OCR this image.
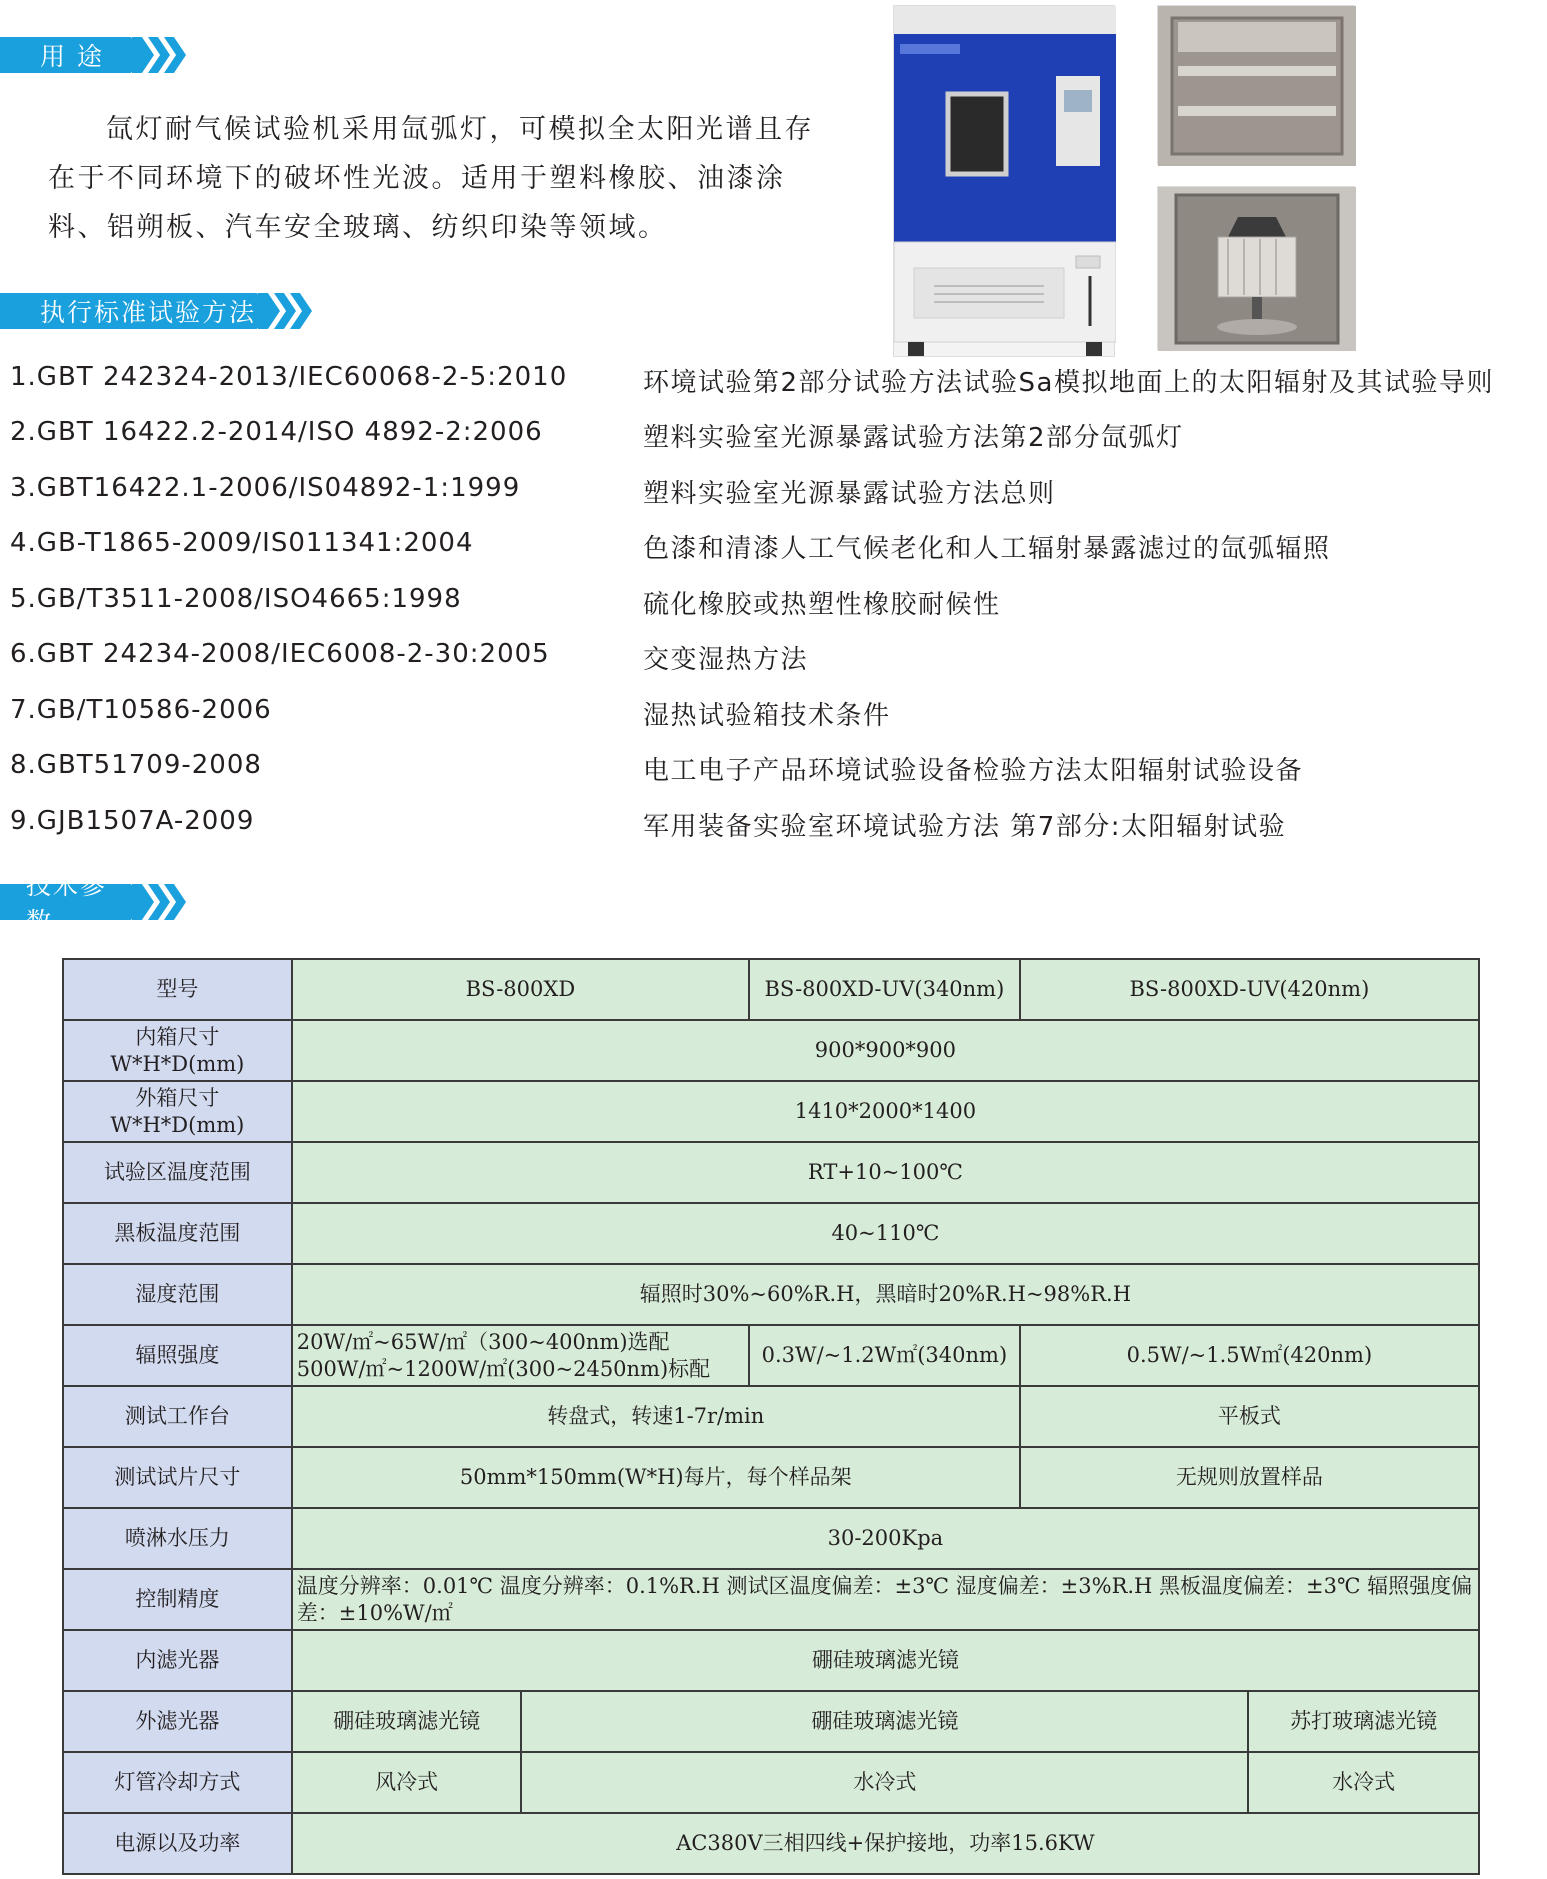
用 途

氙灯耐气候试验机采用氙弧灯，可模拟全太阳光谱且存在于不同环境下的破坏性光波。适用于塑料橡胶、油漆涂料、铝朔板、汽车安全玻璃、纺织印染等领域。

执行标准试验方法
1.GBT 242324-2013/IEC60068-2-5:2010	环境试验第2部分试验方法试验Sa模拟地面上的太阳辐射及其试验导则
2.GBT 16422.2-2014/ISO 4892-2:2006	塑料实验室光源暴露试验方法第2部分氙弧灯
3.GBT16422.1-2006/IS04892-1:1999	塑料实验室光源暴露试验方法总则
4.GB-T1865-2009/IS011341:2004	色漆和清漆人工气候老化和人工辐射暴露滤过的氙弧辐照
5.GB/T3511-2008/ISO4665:1998	硫化橡胶或热塑性橡胶耐候性
6.GBT 24234-2008/IEC6008-2-30:2005	交变湿热方法
7.GB/T10586-2006	湿热试验箱技术条件
8.GBT51709-2008	电工电子产品环境试验设备检验方法太阳辐射试验设备
9.GJB1507A-2009	军用装备实验室环境试验方法 第7部分:太阳辐射试验
技术参数
型号	BS-800XD		BS-800XD-UV(340nm)	BS-800XD-UV(420nm)	

内箱尺寸
W*H*D(mm)	900*900*900				

外箱尺寸
W*H*D(mm)	1410*2000*1400				
试验区温度范围	RT+10~100℃				
黑板温度范围	40~110℃				
湿度范围	辐照时30%~60%R.H，黑暗时20%R.H~98%R.H				
辐照强度	20W/㎡~65W/㎡（300~400nm)选配　500W/㎡~1200W/㎡(300~2450nm)标配		0.3W/~1.2W㎡(340nm)	0.5W/~1.5W㎡(420nm)	
测试工作台	转盘式，转速1-7r/min			平板式	
测试试片尺寸	50mm*150mm(W*H)每片，每个样品架			无规则放置样品	
喷淋水压力	30-200Kpa				
控制精度	温度分辨率：0.01℃ 温度分辨率：0.1%R.H 测试区温度偏差：±3℃ 湿度偏差：±3%R.H 黑板温度偏差：±3℃ 辐照强度偏差：±10%W/㎡				
内滤光器	硼硅玻璃滤光镜				
外滤光器	硼硅玻璃滤光镜	硼硅玻璃滤光镜			苏打玻璃滤光镜
灯管冷却方式	风冷式	水冷式			水冷式
电源以及功率	AC380V三相四线+保护接地，功率15.6KW				
